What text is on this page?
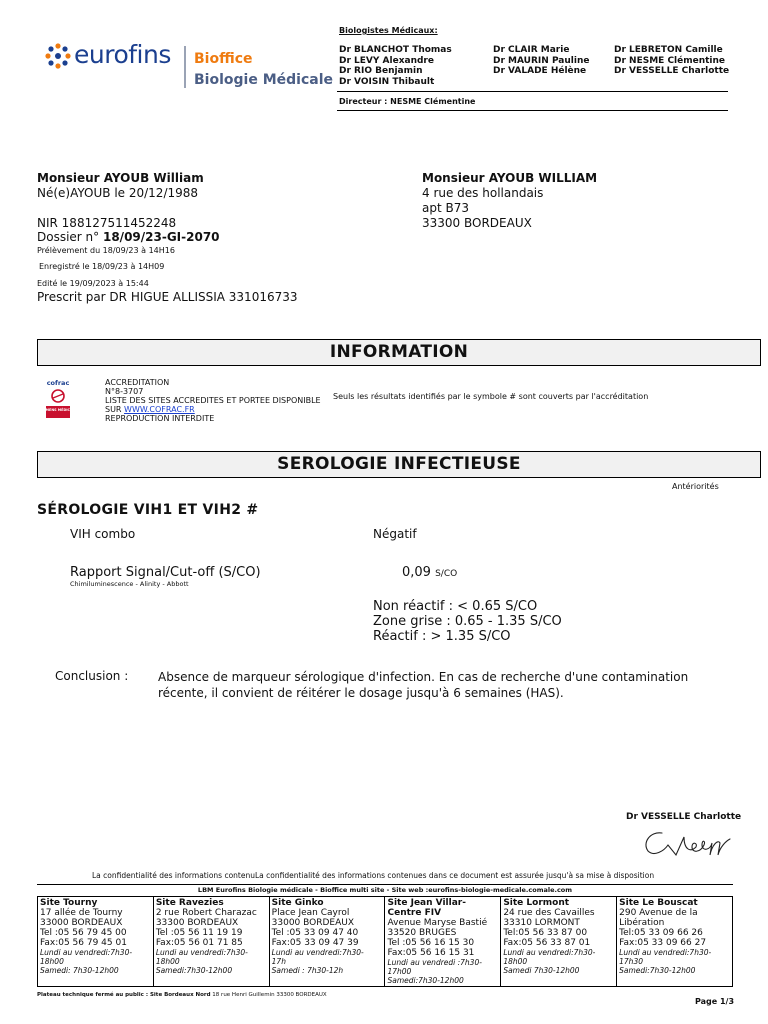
eurofins Bioffice
Biologie Médicale
Biologistes Médicaux:
Dr BLANCHOT Thomas
Dr LEVY Alexandre
Dr RIO Benjamin
Dr VOISIN Thibault
Dr CLAIR Marie
Dr MAURIN Pauline
Dr VALADE Hélène
Dr LEBRETON Camille
Dr NESME Clémentine
Dr VESSELLE Charlotte
Directeur : NESME Clémentine
Monsieur AYOUB William
Né(e)AYOUB le 20/12/1988
NIR 188127511452248
Dossier n° 18/09/23-GI-2070
Prélèvement du 18/09/23 à 14H16
Enregistré le 18/09/23 à 14H09
Edité le 19/09/2023 à 15:44
Prescrit par DR HIGUE ALLISSIA 331016733
Monsieur AYOUB WILLIAM
4 rue des hollandais
apt B73
33300 BORDEAUX
INFORMATION
cofrac
EXAMENS MÉDICAUX
ACCREDITATION
N°8-3707
LISTE DES SITES ACCREDITES ET PORTEE DISPONIBLE
SUR WWW.COFRAC.FR
REPRODUCTION INTERDITE
Seuls les résultats identifiés par le symbole # sont couverts par l'accréditation
SEROLOGIE INFECTIEUSE
Antériorités
SÉROLOGIE VIH1 ET VIH2 #
VIH combo	Négatif
Rapport Signal/Cut-off (S/CO)
Chimiluminescence - Alinity - Abbott
0,09 S/CO
Non réactif : < 0.65 S/CO
Zone grise : 0.65 - 1.35 S/CO
Réactif : > 1.35 S/CO
Conclusion : Absence de marqueur sérologique d'infection. En cas de recherche d'une contamination
récente, il convient de réitérer le dosage jusqu'à 6 semaines (HAS).
Dr VESSELLE Charlotte
La confidentialité des informations contenuLa confidentialité des informations contenues dans ce document est assurée jusqu'à sa mise à disposition
LBM Eurofins Biologie médicale - Bioffice multi site - Site web :eurofins-biologie-medicale.comale.com
Site Tourny
17 allée de Tourny
33000 BORDEAUX
Tel :05 56 79 45 00
Fax:05 56 79 45 01
Lundi au vendredi:7h30-
18h00
Samedi: 7h30-12h00

Site Ravezies
2 rue Robert Charazac
33300 BORDEAUX
Tel :05 56 11 19 19
Fax:05 56 01 71 85
Lundi au vendredi:7h30-
18h00
Samedi:7h30-12h00

Site Ginko
Place Jean Cayrol
33000 BORDEAUX
Tel :05 33 09 47 40
Fax:05 33 09 47 39
Lundi au vendredi:7h30-
17h
Samedi : 7h30-12h

Site Jean Villar-Centre FIV
Avenue Maryse Bastié
33520 BRUGES
Tel :05 56 16 15 30
Fax:05 56 16 15 31
Lundi au vendredi :7h30-
17h00
Samedi:7h30-12h00

Site Lormont
24 rue des Cavailles
33310 LORMONT
Tel:05 56 33 87 00
Fax:05 56 33 87 01
Lundi au vendredi:7h30-
18h00
Samedi 7h30-12h00

Site Le Bouscat
290 Avenue de la
Libération
Tel:05 33 09 66 26
Fax:05 33 09 66 27
Lundi au vendredi:7h30-
17h30
Samedi:7h30-12h00
Plateau technique fermé au public : Site Bordeaux Nord 18 rue Henri Guillemin 33300 BORDEAUX
Page 1/3
